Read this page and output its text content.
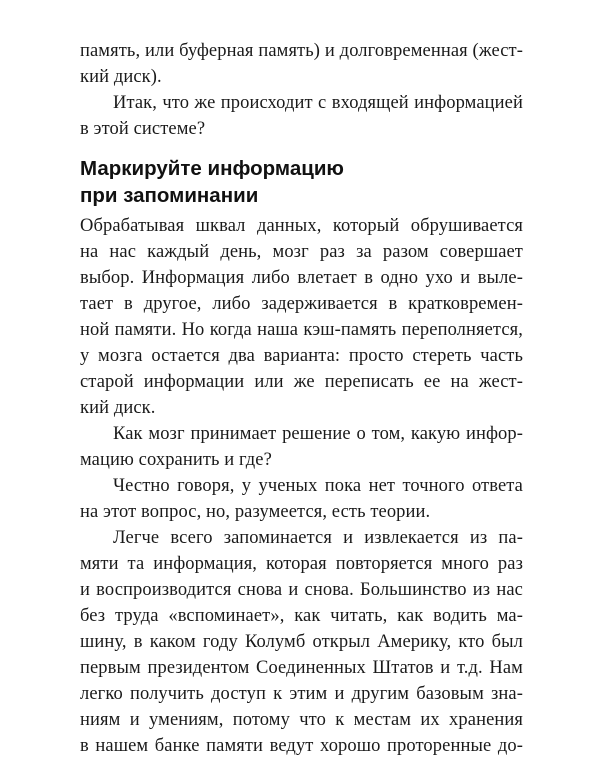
память, или буферная память) и долговременная (жест-
кий диск).
Итак, что же происходит с входящей информацией
в этой системе?
Маркируйте информацию
при запоминании
Обрабатывая шквал данных, который обрушивается
на нас каждый день, мозг раз за разом совершает
выбор. Информация либо влетает в одно ухо и выле-
тает в другое, либо задерживается в кратковремен-
ной памяти. Но когда наша кэш-память переполняется,
у мозга остается два варианта: просто стереть часть
старой информации или же переписать ее на жест-
кий диск.
Как мозг принимает решение о том, какую инфор-
мацию сохранить и где?
Честно говоря, у ученых пока нет точного ответа
на этот вопрос, но, разумеется, есть теории.
Легче всего запоминается и извлекается из па-
мяти та информация, которая повторяется много раз
и воспроизводится снова и снова. Большинство из нас
без труда «вспоминает», как читать, как водить ма-
шину, в каком году Колумб открыл Америку, кто был
первым президентом Соединенных Штатов и т.д. Нам
легко получить доступ к этим и другим базовым зна-
ниям и умениям, потому что к местам их хранения
в нашем банке памяти ведут хорошо проторенные до-
